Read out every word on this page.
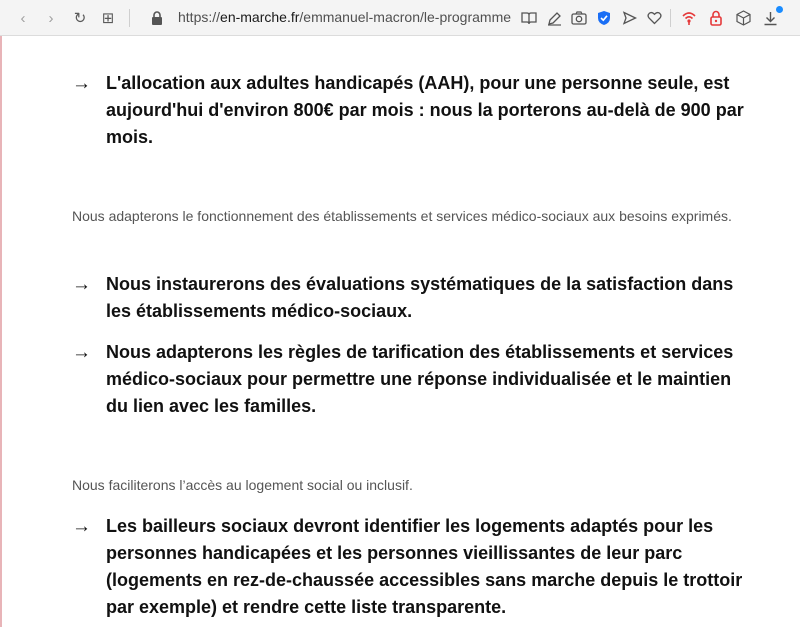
‹	›	↻	⊞	https://en-marche.fr/emmanuel-macron/le-programme
→ L'allocation aux adultes handicapés (AAH), pour une personne seule, est aujourd'hui d'environ 800€ par mois : nous la porterons au-delà de 900 par mois.

Nous adapterons le fonctionnement des établissements et services médico-sociaux aux besoins exprimés.

→ Nous instaurerons des évaluations systématiques de la satisfaction dans les établissements médico-sociaux.
→ Nous adapterons les règles de tarification des établissements et services médico-sociaux pour permettre une réponse individualisée et le maintien du lien avec les familles.

Nous faciliterons l’accès au logement social ou inclusif.

→ Les bailleurs sociaux devront identifier les logements adaptés pour les personnes handicapées et les personnes vieillissantes de leur parc (logements en rez-de-chaussée accessibles sans marche depuis le trottoir par exemple) et rendre cette liste transparente.
